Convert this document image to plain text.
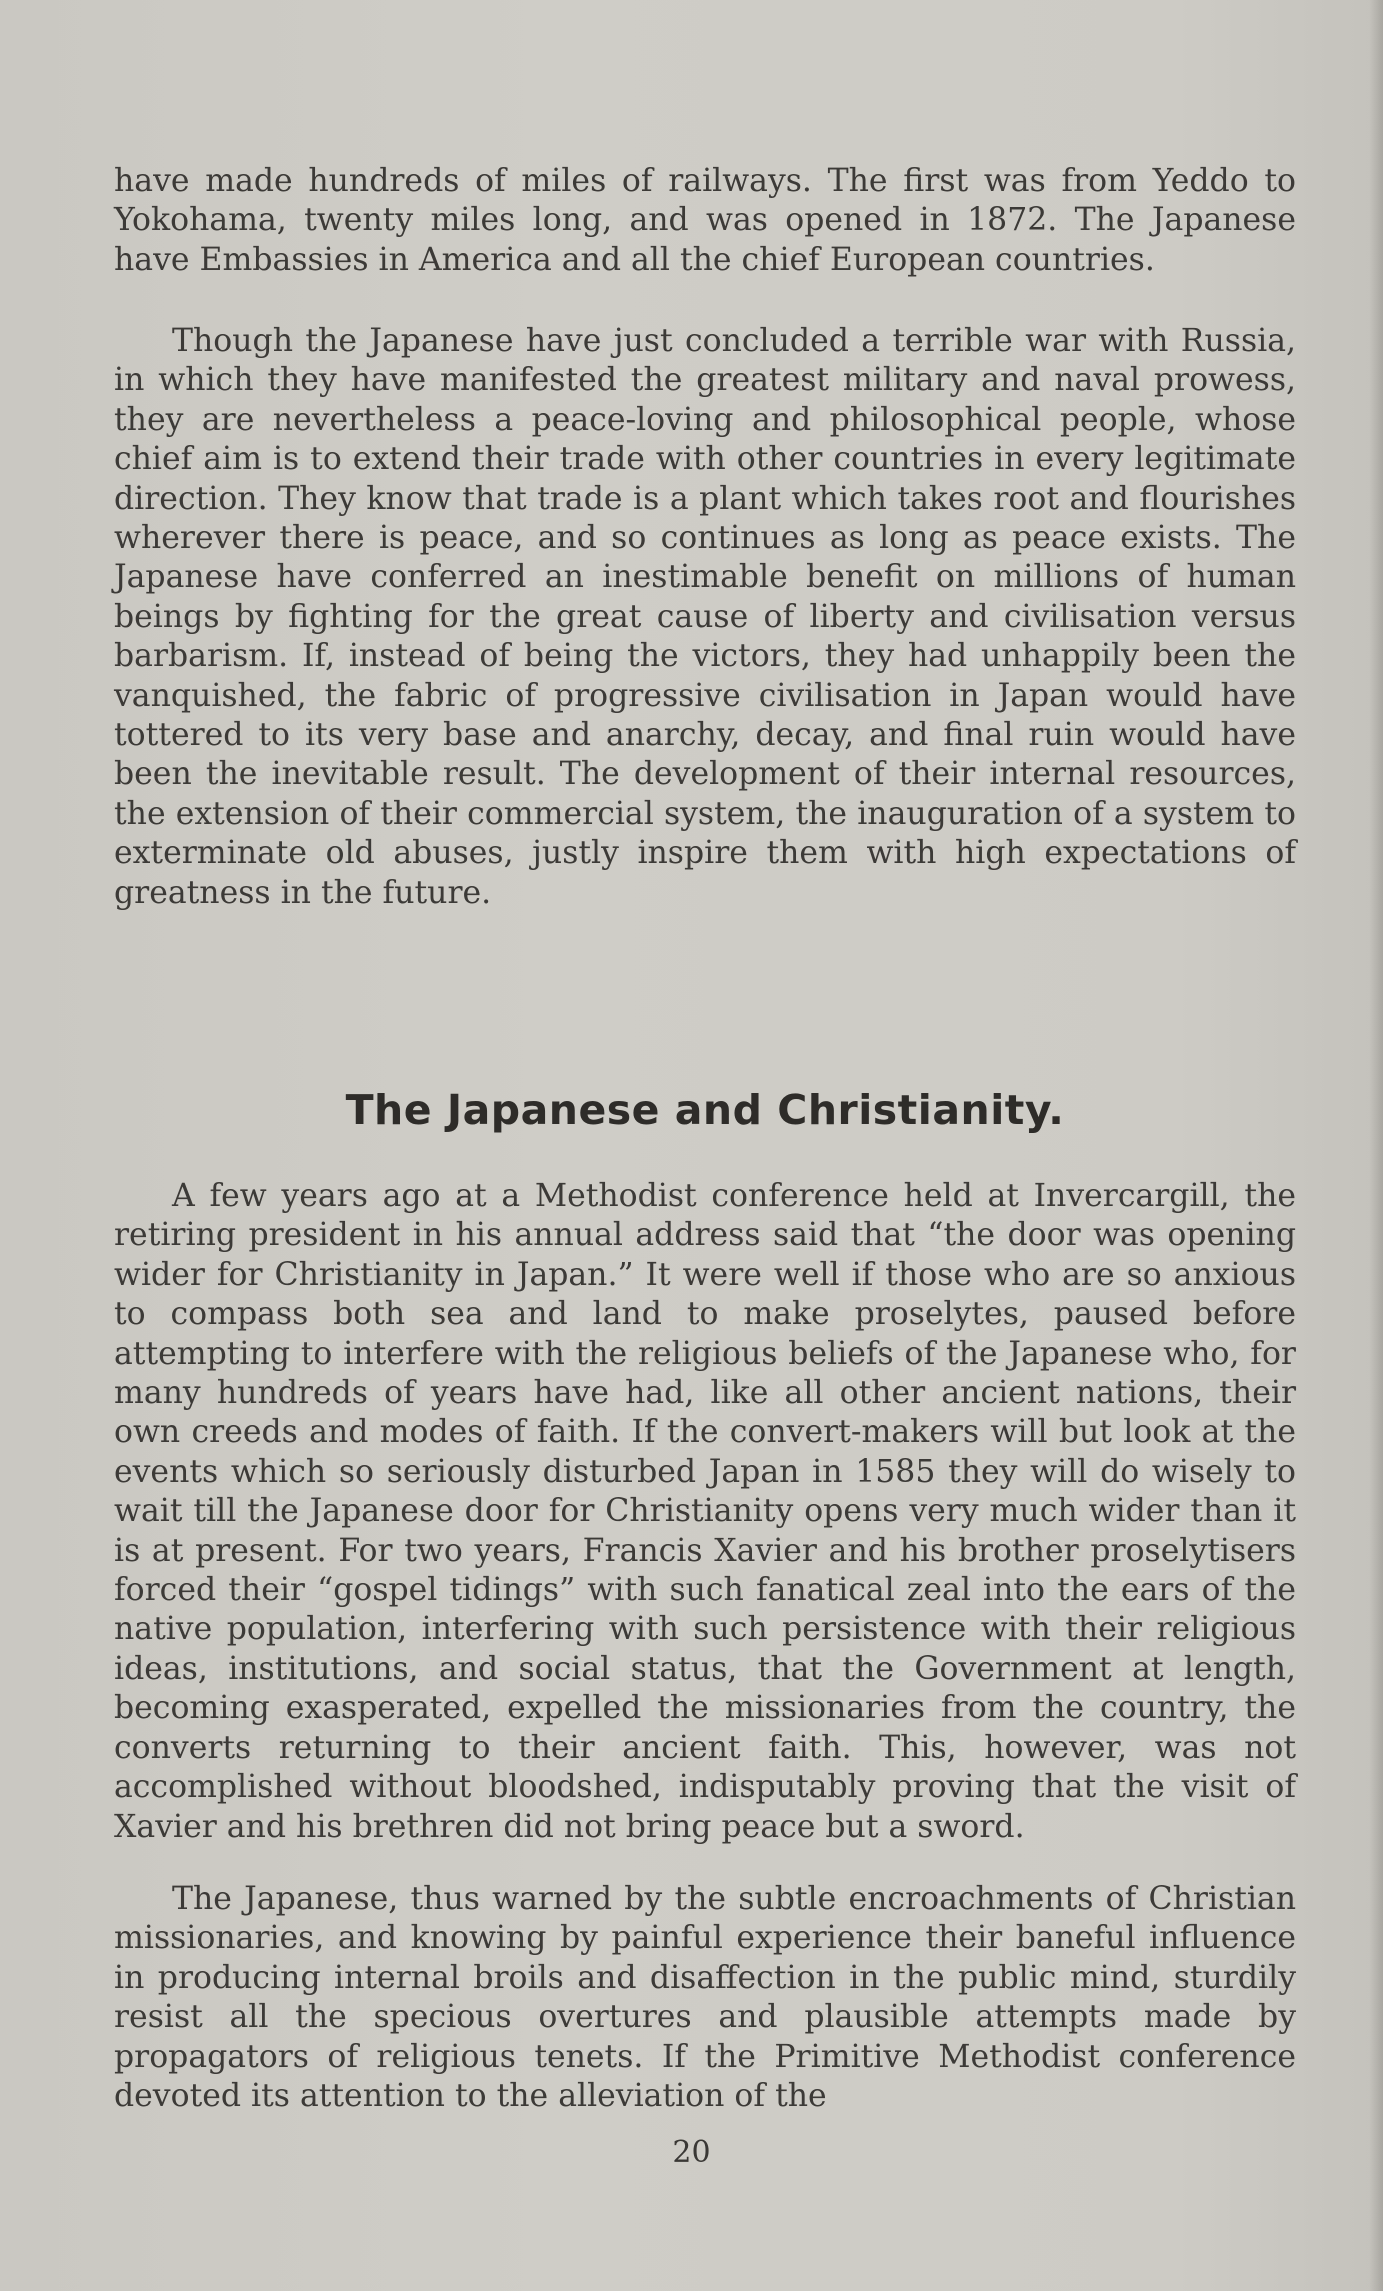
have made hundreds of miles of railways. The first was from Yeddo to Yokohama, twenty miles long, and was opened in 1872. The Japanese have Embassies in America and all the chief European countries.

Though the Japanese have just concluded a terrible war with Russia, in which they have manifested the greatest military and naval prowess, they are nevertheless a peace-loving and philosophical people, whose chief aim is to extend their trade with other countries in every legitimate direction. They know that trade is a plant which takes root and flourishes wherever there is peace, and so continues as long as peace exists. The Japanese have conferred an inestimable benefit on millions of human beings by fighting for the great cause of liberty and civilisation versus barbarism. If, instead of being the victors, they had unhappily been the vanquished, the fabric of progressive civilisation in Japan would have tottered to its very base and anarchy, decay, and final ruin would have been the inevitable result. The development of their internal resources, the extension of their commercial system, the inauguration of a system to exterminate old abuses, justly inspire them with high expectations of greatness in the future.

The Japanese and Christianity.

A few years ago at a Methodist conference held at Invercargill, the retiring president in his annual address said that “the door was opening wider for Christianity in Japan.” It were well if those who are so anxious to compass both sea and land to make proselytes, paused before attempting to interfere with the religious beliefs of the Japanese who, for many hundreds of years have had, like all other ancient nations, their own creeds and modes of faith. If the convert-makers will but look at the events which so seriously disturbed Japan in 1585 they will do wisely to wait till the Japanese door for Christianity opens very much wider than it is at present. For two years, Francis Xavier and his brother proselytisers forced their “gospel tidings” with such fanatical zeal into the ears of the native population, interfering with such persistence with their religious ideas, institutions, and social status, that the Government at length, becoming exasperated, expelled the missionaries from the country, the converts returning to their ancient faith. This, however, was not accomplished without bloodshed, indisputably proving that the visit of Xavier and his brethren did not bring peace but a sword.

The Japanese, thus warned by the subtle encroachments of Christian missionaries, and knowing by painful experience their baneful influence in producing internal broils and disaffection in the public mind, sturdily resist all the specious overtures and plausible attempts made by propagators of religious tenets. If the Primitive Methodist conference devoted its attention to the alleviation of the

20
